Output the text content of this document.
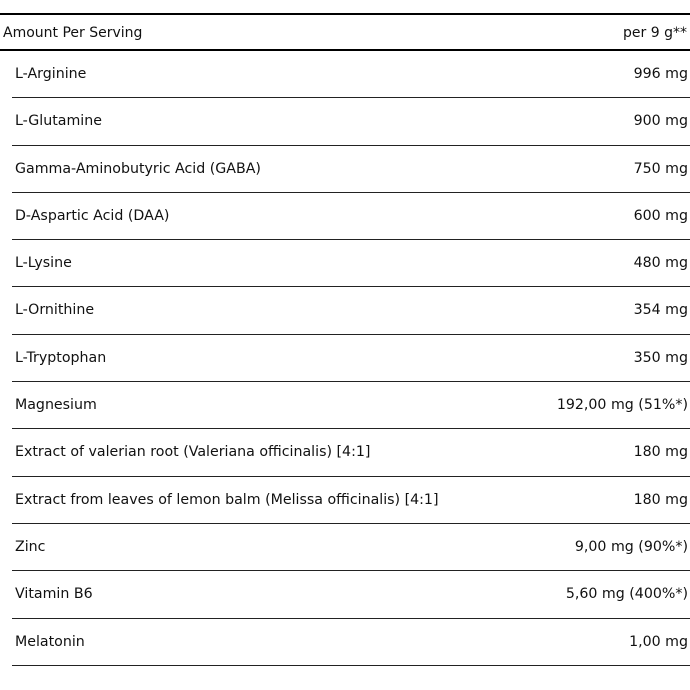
Amount Per Serving	per 9 g**
L-Arginine	996 mg
L-Glutamine	900 mg
Gamma-Aminobutyric Acid (GABA)	750 mg
D-Aspartic Acid (DAA)	600 mg
L-Lysine	480 mg
L-Ornithine	354 mg
L-Tryptophan	350 mg
Magnesium	192,00 mg (51%*)
Extract of valerian root (Valeriana officinalis) [4:1]	180 mg
Extract from leaves of lemon balm (Melissa officinalis) [4:1]	180 mg
Zinc	9,00 mg (90%*)
Vitamin B6	5,60 mg (400%*)
Melatonin	1,00 mg
